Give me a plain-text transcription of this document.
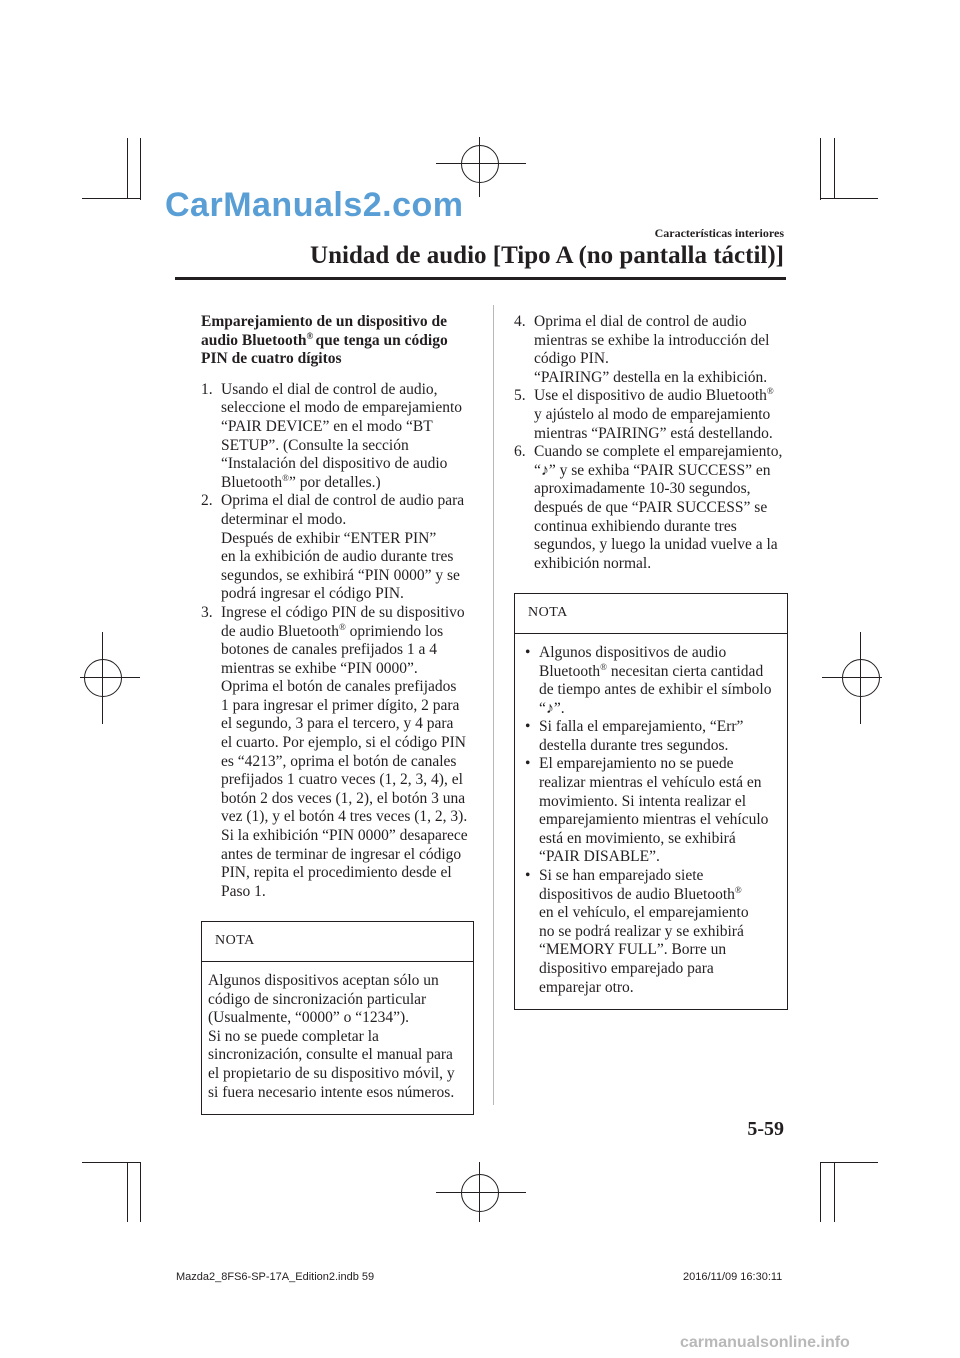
CarManuals2.com
Características interiores
Unidad de audio [Tipo A (no pantalla táctil)]
Emparejamiento de un dispositivo de
audio Bluetooth® que tenga un código
PIN de cuatro dígitos
1. Usando el dial de control de audio,
seleccione el modo de emparejamiento
“PAIR DEVICE” en el modo “BT
SETUP”. (Consulte la sección
“Instalación del dispositivo de audio
Bluetooth®” por detalles.)
2. Oprima el dial de control de audio para
determinar el modo.
Después de exhibir “ENTER PIN”
en la exhibición de audio durante tres
segundos, se exhibirá “PIN 0000” y se
podrá ingresar el código PIN.
3. Ingrese el código PIN de su dispositivo
de audio Bluetooth® oprimiendo los
botones de canales prefijados 1 a 4
mientras se exhibe “PIN 0000”.
Oprima el botón de canales prefijados
1 para ingresar el primer dígito, 2 para
el segundo, 3 para el tercero, y 4 para
el cuarto. Por ejemplo, si el código PIN
es “4213”, oprima el botón de canales
prefijados 1 cuatro veces (1, 2, 3, 4), el
botón 2 dos veces (1, 2), el botón 3 una
vez (1), y el botón 4 tres veces (1, 2, 3).
Si la exhibición “PIN 0000” desaparece
antes de terminar de ingresar el código
PIN, repita el procedimiento desde el
Paso 1.
NOTA
Algunos dispositivos aceptan sólo un
código de sincronización particular
(Usualmente, “0000” o “1234”).
Si no se puede completar la
sincronización, consulte el manual para
el propietario de su dispositivo móvil, y
si fuera necesario intente esos números.
4. Oprima el dial de control de audio
mientras se exhibe la introducción del
código PIN.
“PAIRING” destella en la exhibición.
5. Use el dispositivo de audio Bluetooth®
y ajústelo al modo de emparejamiento
mientras “PAIRING” está destellando.
6. Cuando se complete el emparejamiento,
“♪” y se exhiba “PAIR SUCCESS” en
aproximadamente 10-30 segundos,
después de que “PAIR SUCCESS” se
continua exhibiendo durante tres
segundos, y luego la unidad vuelve a la
exhibición normal.
NOTA
• Algunos dispositivos de audio
Bluetooth® necesitan cierta cantidad
de tiempo antes de exhibir el símbolo
“♪”.
• Si falla el emparejamiento, “Err”
destella durante tres segundos.
• El emparejamiento no se puede
realizar mientras el vehículo está en
movimiento. Si intenta realizar el
emparejamiento mientras el vehículo
está en movimiento, se exhibirá
“PAIR DISABLE”.
• Si se han emparejado siete
dispositivos de audio Bluetooth®
en el vehículo, el emparejamiento
no se podrá realizar y se exhibirá
“MEMORY FULL”. Borre un
dispositivo emparejado para
emparejar otro.
5-59
Mazda2_8FS6-SP-17A_Edition2.indb 59	2016/11/09 16:30:11
carmanualsonline.info
